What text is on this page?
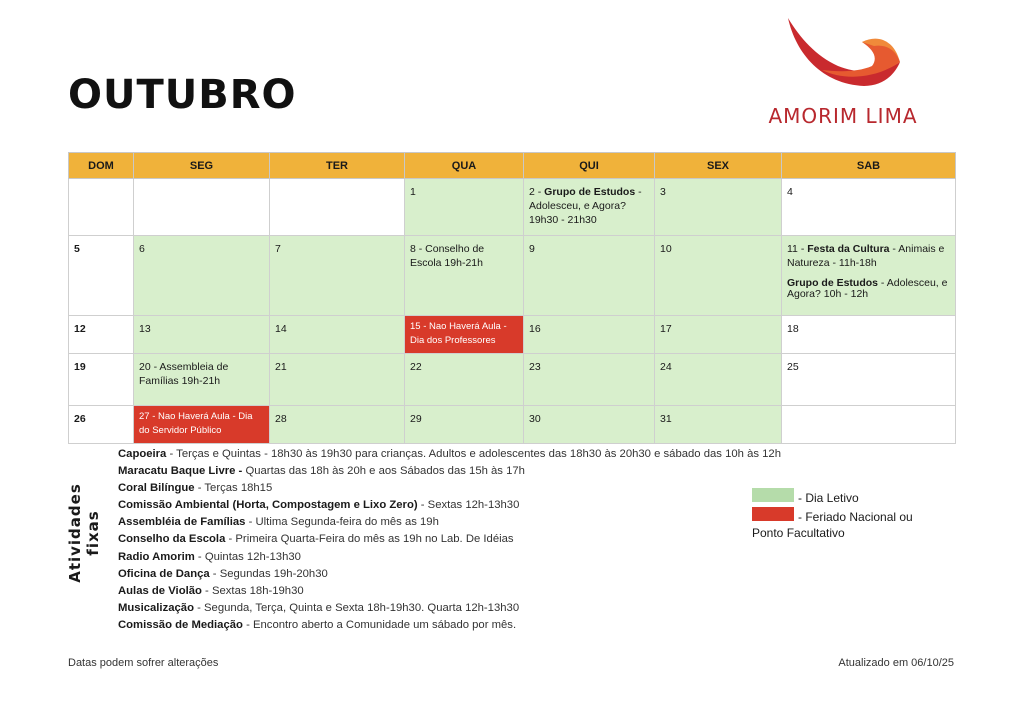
OUTUBRO	AMORIM LIMA
DOM	SEG	TER	QUA	QUI	SEX	SAB
			1	2 - Grupo de Estudos - Adolesceu, e Agora? 19h30 - 21h30	3	4
5	6	7	8 - Conselho de Escola 19h-21h	9	10	11 - Festa da Cultura - Animais e Natureza - 11h-18h
Grupo de Estudos - Adolesceu, e Agora? 10h - 12h

12	13	14	15 - Nao Haverá Aula - Dia dos Professores	16	17	18
19	20 - Assembleia de Famílias 19h-21h	21	22	23	24	25
26	27 - Nao Haverá Aula - Dia do Servidor Público	28	29	30	31	
Atividades fixas
Capoeira - Terças e Quintas - 18h30 às 19h30 para crianças. Adultos e adolescentes das 18h30 às 20h30 e sábado das 10h às 12h
Maracatu Baque Livre - Quartas das 18h às 20h e aos Sábados das 15h às 17h
Coral Bilíngue - Terças 18h15
Comissão Ambiental (Horta, Compostagem e Lixo Zero) - Sextas 12h-13h30
Assembléia de Famílias - Ultima Segunda-feira do mês as 19h
Conselho da Escola - Primeira Quarta-Feira do mês as 19h no Lab. De Idéias
Radio Amorim - Quintas 12h-13h30
Oficina de Dança - Segundas 19h-20h30
Aulas de Violão - Sextas 18h-19h30
Musicalização - Segunda, Terça, Quinta e Sexta 18h-19h30. Quarta 12h-13h30
Comissão de Mediação - Encontro aberto a Comunidade um sábado por mês.
- Dia Letivo
- Feriado Nacional ou
Ponto Facultativo
Datas podem sofrer alterações	Atualizado em 06/10/25
